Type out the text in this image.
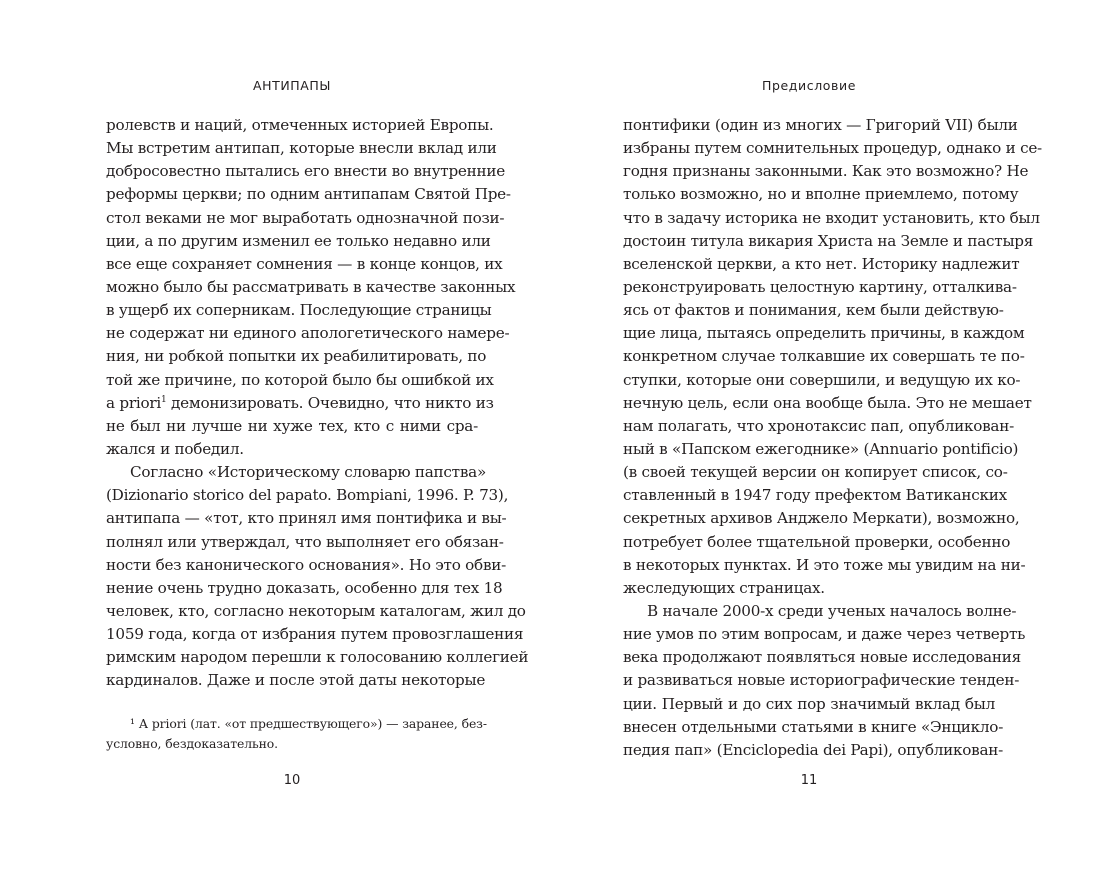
АНТИПАПЫ
ролевств и наций, отмеченных историей Европы.
Мы встретим антипап, которые внесли вклад или
добросовестно пытались его внести во внутренние
реформы церкви; по одним антипапам Святой Пре-
стол веками не мог выработать однозначной пози-
ции, а по другим изменил ее только недавно или
все еще сохраняет сомнения — в конце концов, их
можно было бы рассматривать в качестве законных
в ущерб их соперникам. Последующие страницы
не содержат ни единого апологетического намере-
ния, ни робкой попытки их реабилитировать, по
той же причине, по которой было бы ошибкой их
а priori$^1$ демонизировать. Очевидно, что никто из
не был ни лучше ни хуже тех, кто с ними сра-
жался и победил.
Согласно «Историческому словарю папства»
(Dizionario storico del papato. Bompiani, 1996. P. 73),
антипапа — «тот, кто принял имя понтифика и вы-
полнял или утверждал, что выполняет его обязан-
ности без канонического основания». Но это обви-
нение очень трудно доказать, особенно для тех 18
человек, кто, согласно некоторым каталогам, жил до
1059 года, когда от избрания путем провозглашения
римским народом перешли к голосованию коллегией
кардиналов. Даже и после этой даты некоторые
¹ А priori (лат. «от предшествующего») — заранее, без-
условно, бездоказательно.
10
Предисловие
понтифики (один из многих — Григорий VII) были
избраны путем сомнительных процедур, однако и се-
годня признаны законными. Как это возможно? Не
только возможно, но и вполне приемлемо, потому
что в задачу историка не входит установить, кто был
достоин титула викария Христа на Земле и пастыря
вселенской церкви, а кто нет. Историку надлежит
реконструировать целостную картину, отталкива-
ясь от фактов и понимания, кем были действую-
щие лица, пытаясь определить причины, в каждом
конкретном случае толкавшие их совершать те по-
ступки, которые они совершили, и ведущую их ко-
нечную цель, если она вообще была. Это не мешает
нам полагать, что хронотаксис пап, опубликован-
ный в «Папском ежегоднике» (Annuario pontificio)
(в своей текущей версии он копирует список, со-
ставленный в 1947 году префектом Ватиканских
секретных архивов Анджело Меркати), возможно,
потребует более тщательной проверки, особенно
в некоторых пунктах. И это тоже мы увидим на ни-
жеследующих страницах.
В начале 2000-х среди ученых началось волне-
ние умов по этим вопросам, и даже через четверть
века продолжают появляться новые исследования
и развиваться новые историографические тенден-
ции. Первый и до сих пор значимый вклад был
внесен отдельными статьями в книге «Энцикло-
педия пап» (Enciclopedia dei Papi), опубликован-
11
